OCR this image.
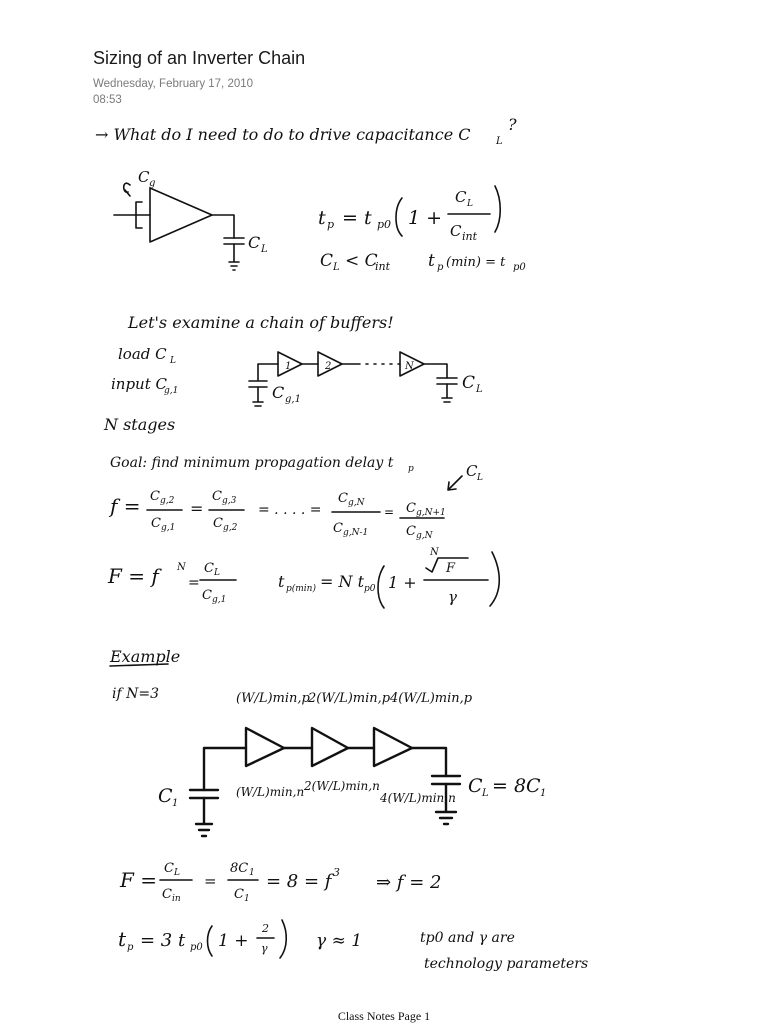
Sizing of an Inverter Chain
Wednesday, February 17, 2010
08:53
→ What do I need to do to drive capacitance C	L
?
C g
C L
t p = t p0 1 +
C L
C int
C L < C
int t p (min) = t p0
Let's examine a chain of buffers!
load C L
input C
g,1
1	2	N
C g,1
C L
N stages
Goal: find minimum propagation delay t p
f = C g,2
C g,1
=
C g,3
C g,2
= . . . . =
C g,N
C g,N-1
= C g,N+1
C g,N
C L
F = f	N
=
C L
C g,1
t p(min) = N t p0 1 +
N
F
γ
Example
if N=3	(W/L)min,p
2(W/L)min,p 4(W/L)min,p
C 1
(W/L)min,n 2(W/L)min,n
4(W/L)min,n
C L = 8C 1
F = C L
C in
=
8C 1
C 1
= 8 = f 3 ⇒ f = 2
t p = 3 t p0 1 +
2
γ	γ ≈ 1	tp0 and γ are
technology parameters
Class Notes Page 1
